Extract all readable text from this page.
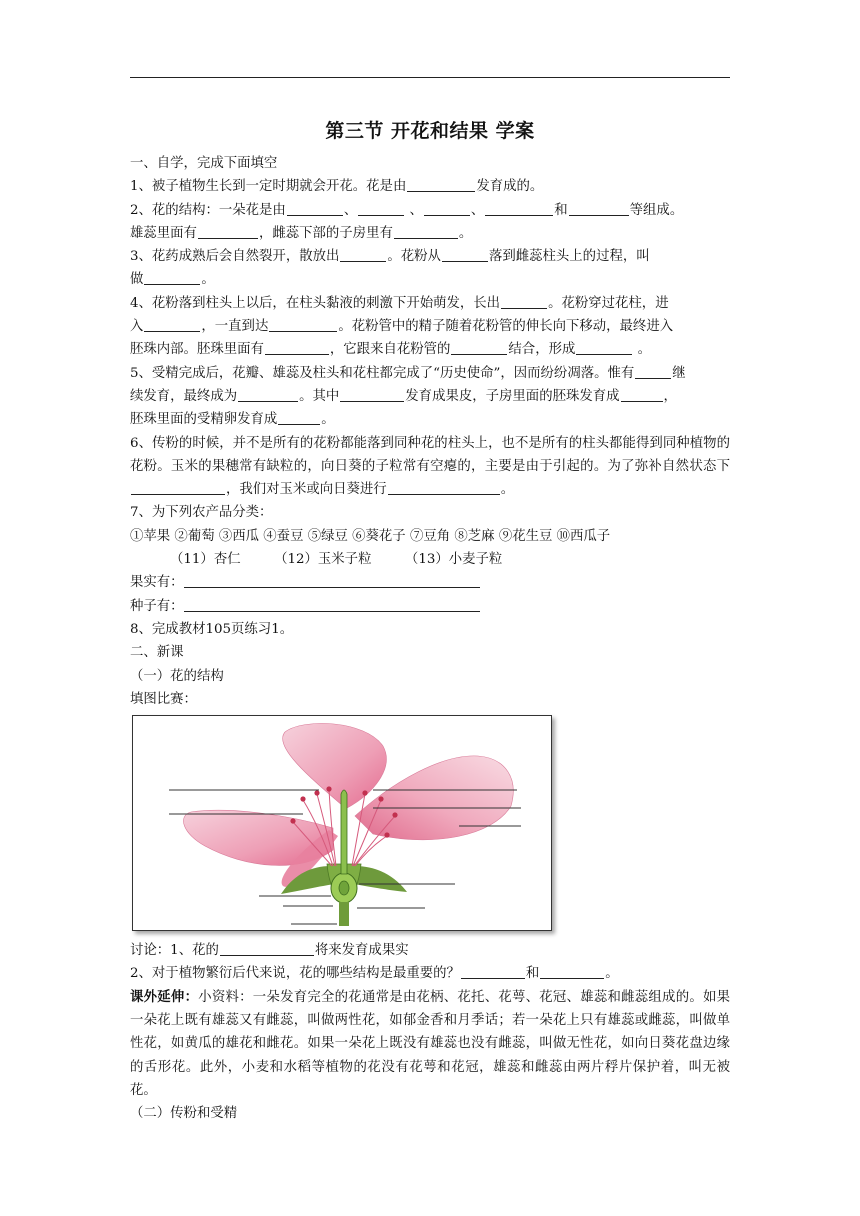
第三节 开花和结果 学案

一、自学，完成下面填空

1、被子植物生长到一定时期就会开花。花是由	发育成的。

2、花的结构：一朵花是由	、	、	、	和	等组成。
雄蕊里面有	，雌蕊下部的子房里有	。

3、花药成熟后会自然裂开，散放出	。花粉从	落到雌蕊柱头上的过程，叫
做	。

4、花粉落到柱头上以后，在柱头黏液的刺激下开始萌发，长出	。花粉穿过花柱，进
入	，一直到达	。花粉管中的精子随着花粉管的伸长向下移动，最终进入
胚珠内部。胚珠里面有	，它跟来自花粉管的	结合，形成	。

5、受精完成后，花瓣、雄蕊及柱头和花柱都完成了“历史使命”，因而纷纷凋落。惟有	继
续发育，最终成为	。其中	发育成果皮，子房里面的胚珠发育成	，
胚珠里面的受精卵发育成	。

6、传粉的时候，并不是所有的花粉都能落到同种花的柱头上，也不是所有的柱头都能得到同种植物的花粉。玉米的果穗常有缺粒的，向日葵的子粒常有空瘪的，主要是由于引起的。为了弥补自然状态下，我们对玉米或向日葵进行	。

7、为下列农产品分类：

①苹果 ②葡萄 ③西瓜 ④蚕豆 ⑤绿豆 ⑥葵花子 ⑦豆角 ⑧芝麻 ⑨花生豆 ⑩西瓜子

（11）杏仁　　　（12）玉米子粒　　　（13）小麦子粒

果实有：

种子有：

8、完成教材105页练习1。

二、新课

（一）花的结构

填图比赛：

讨论：1、花的	将来发育成果实

2、对于植物繁衍后代来说，花的哪些结构是最重要的？	和	。

课外延伸：小资料：一朵发育完全的花通常是由花柄、花托、花萼、花冠、雄蕊和雌蕊组成的。如果一朵花上既有雄蕊又有雌蕊，叫做两性花，如郁金香和月季话；若一朵花上只有雄蕊或雌蕊，叫做单性花，如黄瓜的雄花和雌花。如果一朵花上既没有雄蕊也没有雌蕊，叫做无性花，如向日葵花盘边缘的舌形花。此外，小麦和水稻等植物的花没有花萼和花冠，雄蕊和雌蕊由两片稃片保护着，叫无被花。

（二）传粉和受精
